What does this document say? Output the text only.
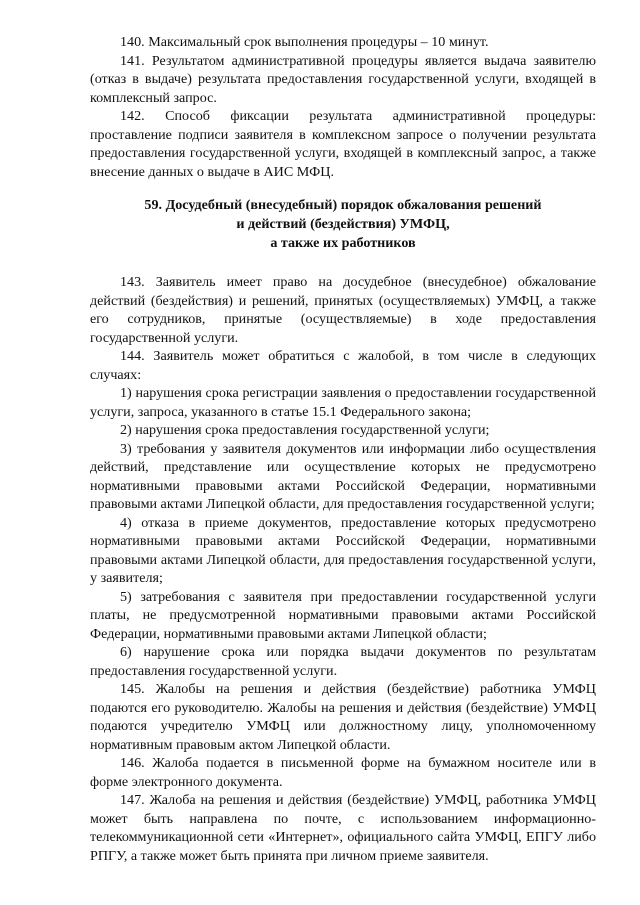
140. Максимальный срок выполнения процедуры – 10 минут.

141. Результатом административной процедуры является выдача заявителю (отказ в выдаче) результата предоставления государственной услуги, входящей в комплексный запрос.

142. Способ фиксации результата административной процедуры: проставление подписи заявителя в комплексном запросе о получении результата предоставления государственной услуги, входящей в комплексный запрос, а также внесение данных о выдаче в АИС МФЦ.

59. Досудебный (внесудебный) порядок обжалования решений
и действий (бездействия) УМФЦ,
а также их работников

143. Заявитель имеет право на досудебное (внесудебное) обжалование действий (бездействия) и решений, принятых (осуществляемых) УМФЦ, а также его сотрудников, принятые (осуществляемые) в ходе предоставления государственной услуги.

144. Заявитель может обратиться с жалобой, в том числе в следующих случаях:

1) нарушения срока регистрации заявления о предоставлении государственной услуги, запроса, указанного в статье 15.1 Федерального закона;

2) нарушения срока предоставления государственной услуги;

3) требования у заявителя документов или информации либо осуществления действий, представление или осуществление которых не предусмотрено нормативными правовыми актами Российской Федерации, нормативными правовыми актами Липецкой области, для предоставления государственной услуги;

4) отказа в приеме документов, предоставление которых предусмотрено нормативными правовыми актами Российской Федерации, нормативными правовыми актами Липецкой области, для предоставления государственной услуги, у заявителя;

5) затребования с заявителя при предоставлении государственной услуги платы, не предусмотренной нормативными правовыми актами Российской Федерации, нормативными правовыми актами Липецкой области;

6) нарушение срока или порядка выдачи документов по результатам предоставления государственной услуги.

145. Жалобы на решения и действия (бездействие) работника УМФЦ подаются его руководителю. Жалобы на решения и действия (бездействие) УМФЦ подаются учредителю УМФЦ или должностному лицу, уполномоченному нормативным правовым актом Липецкой области.

146. Жалоба подается в письменной форме на бумажном носителе или в форме электронного документа.

147. Жалоба на решения и действия (бездействие) УМФЦ, работника УМФЦ может быть направлена по почте, с использованием информационно-телекоммуникационной сети «Интернет», официального сайта УМФЦ, ЕПГУ либо РПГУ, а также может быть принята при личном приеме заявителя.
